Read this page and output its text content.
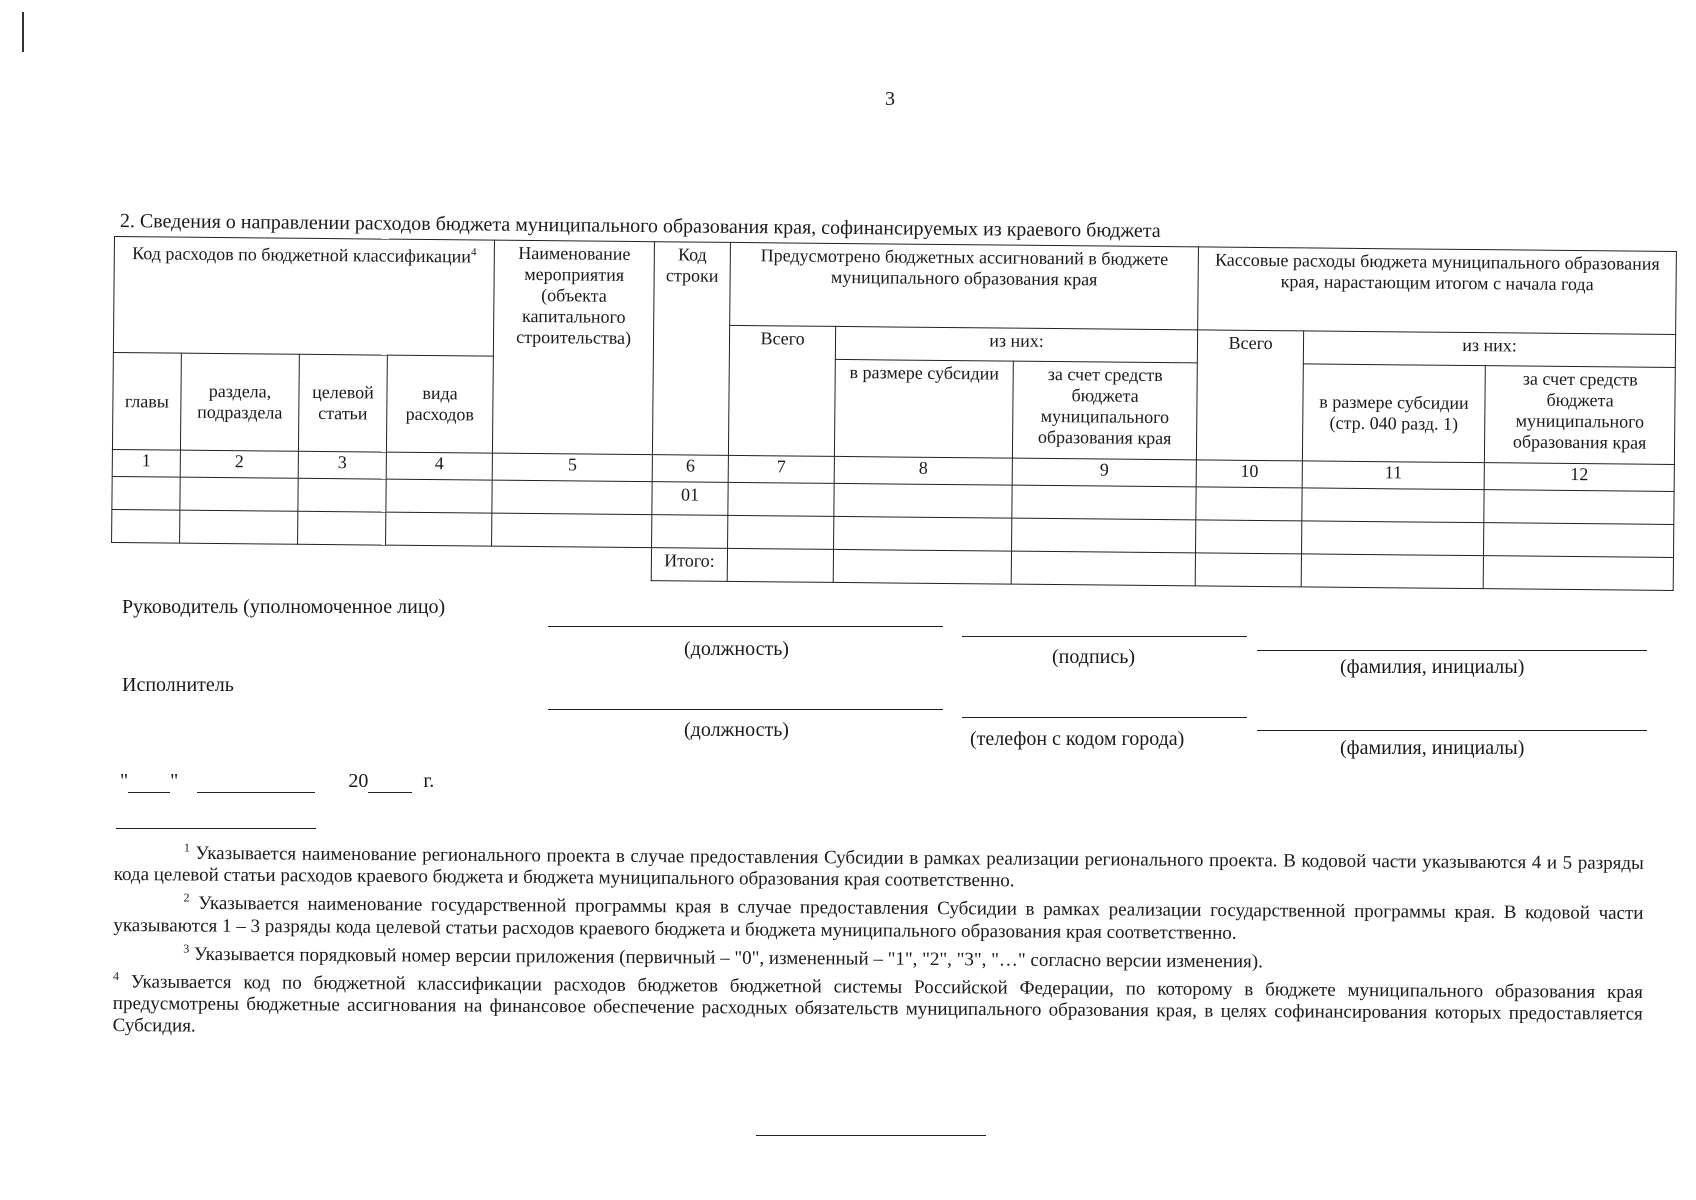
3
2. Сведения о направлении расходов бюджета муниципального образования края, софинансируемых из краевого бюджета
Код расходов по бюджетной классификации$^4$				Наименование мероприятия (объекта капитального строительства)	Код строки	Предусмотрено бюджетных ассигнований в бюджете муниципального образования края			Кассовые расходы бюджета муниципального образования края, нарастающим итогом с начала года		
						Всего	из них:		Всего	из них:	
главы	раздела, подраздела	целевой статьи	вида расходов				в размере субсидии	за счет средств бюджета муниципального образования края		в размере субсидии (стр. 040 разд. 1)	за счет средств бюджета муниципального образования края
1	2	3	4	5	6	7	8	9	10	11	12
					01						

					Итого:						
Руководитель (уполномоченное лицо)
(должность)	(подпись)	(фамилия, инициалы)
Исполнитель
(должность)	(телефон с кодом города)	(фамилия, инициалы)
" "	20	г.

$^1$ Указывается наименование регионального проекта в случае предоставления Субсидии в рамках реализации регионального проекта. В кодовой части указываются 4 и 5 разряды кода целевой статьи расходов краевого бюджета и бюджета муниципального образования края соответственно.

$^2$ Указывается наименование государственной программы края в случае предоставления Субсидии в рамках реализации государственной программы края. В кодовой части указываются 1 – 3 разряды кода целевой статьи расходов краевого бюджета и бюджета муниципального образования края соответственно.

$^3$ Указывается порядковый номер версии приложения (первичный – "0", измененный – "1", "2", "3", "…" согласно версии изменения).

$^4$ Указывается код по бюджетной классификации расходов бюджетов бюджетной системы Российской Федерации, по которому в бюджете муниципального образования края предусмотрены бюджетные ассигнования на финансовое обеспечение расходных обязательств муниципального образования края, в целях софинансирования которых предоставляется Субсидия.
